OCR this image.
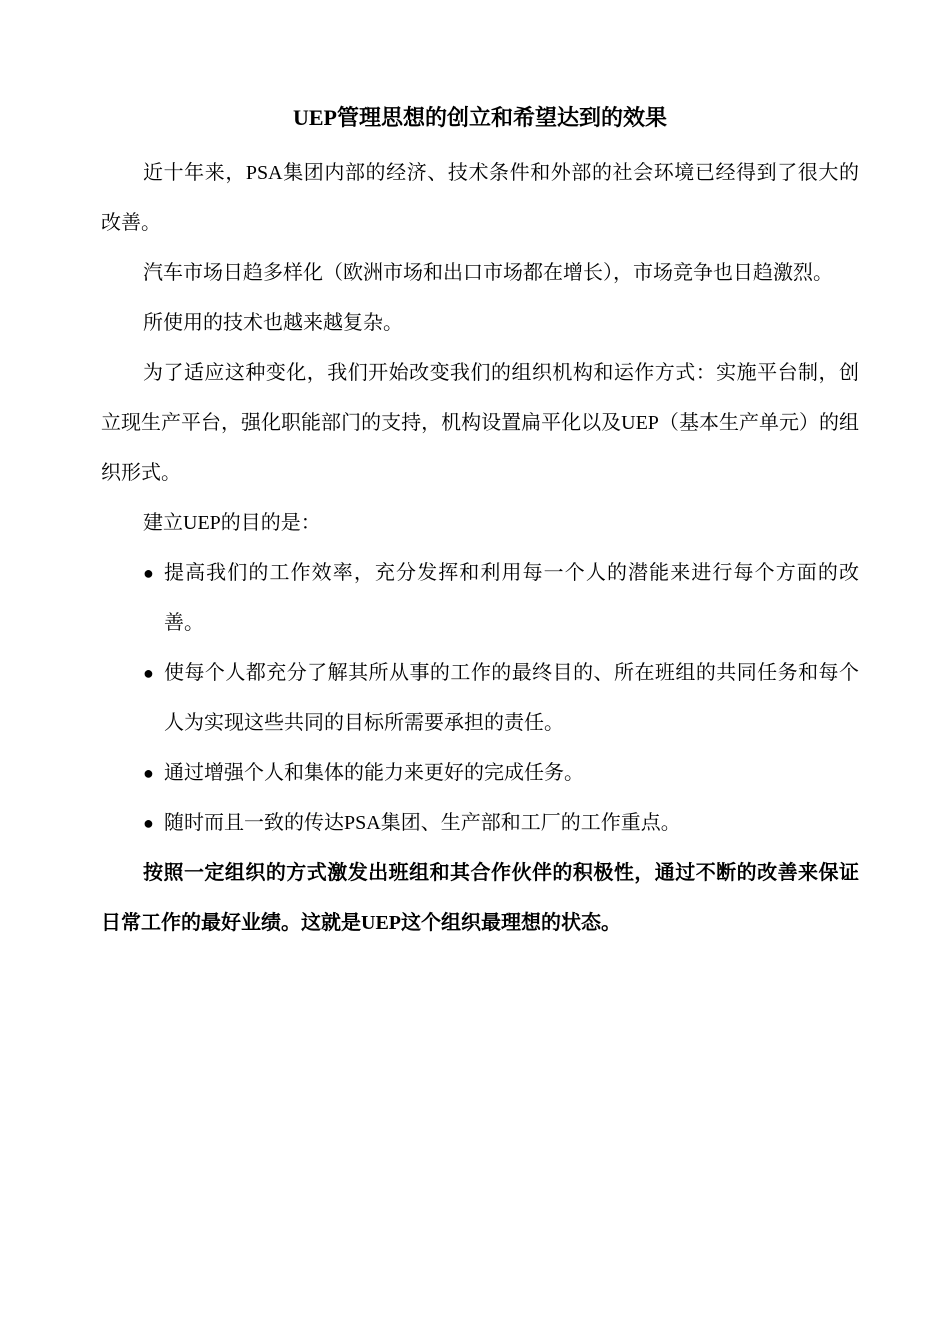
UEP管理思想的创立和希望达到的效果

近十年来，PSA集团内部的经济、技术条件和外部的社会环境已经得到了很大的改善。

汽车市场日趋多样化（欧洲市场和出口市场都在增长），市场竞争也日趋激烈。

所使用的技术也越来越复杂。

为了适应这种变化，我们开始改变我们的组织机构和运作方式：实施平台制，创立现生产平台，强化职能部门的支持，机构设置扁平化以及UEP（基本生产单元）的组织形式。

建立UEP的目的是：

● 提高我们的工作效率，充分发挥和利用每一个人的潜能来进行每个方面的改善。
● 使每个人都充分了解其所从事的工作的最终目的、所在班组的共同任务和每个人为实现这些共同的目标所需要承担的责任。
● 通过增强个人和集体的能力来更好的完成任务。
● 随时而且一致的传达PSA集团、生产部和工厂的工作重点。

按照一定组织的方式激发出班组和其合作伙伴的积极性，通过不断的改善来保证日常工作的最好业绩。这就是UEP这个组织最理想的状态。
